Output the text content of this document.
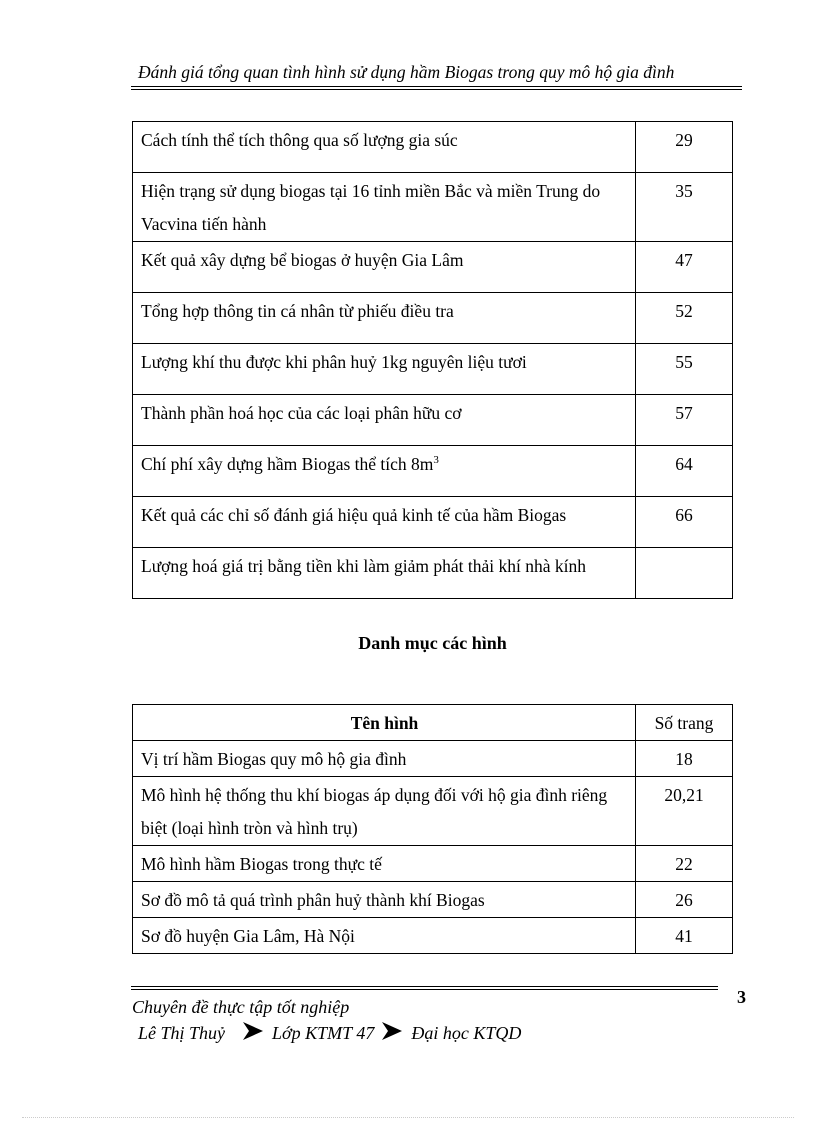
Đánh giá tổng quan tình hình sử dụng hầm Biogas trong quy mô hộ gia đình
Cách tính thể tích thông qua số lượng gia súc	29
Hiện trạng sử dụng biogas tại 16 tỉnh miền Bắc và miền Trung do Vacvina tiến hành	35
Kết quả xây dựng bể biogas ở huyện Gia Lâm	47
Tổng hợp thông tin cá nhân từ phiếu điều tra	52
Lượng khí thu được khi phân huỷ 1kg nguyên liệu tươi	55
Thành phần hoá học của các loại phân hữu cơ	57
Chí phí xây dựng hầm Biogas thể tích $8m^3$	64
Kết quả các chỉ số đánh giá hiệu quả kinh tế của hầm Biogas	66
Lượng hoá giá trị bằng tiền khi làm giảm phát thải khí nhà kính	
Danh mục các hình
Tên hình	Số trang
Vị trí hầm Biogas quy mô hộ gia đình	18
Mô hình hệ thống thu khí biogas áp dụng đối với hộ gia đình riêng biệt (loại hình tròn và hình trụ)	20,21
Mô hình hầm Biogas trong thực tế	22
Sơ đồ mô tả quá trình phân huỷ thành khí Biogas	26
Sơ đồ huyện Gia Lâm, Hà Nội	41
3
Chuyên đề thực tập tốt nghiệp
Lê Thị Thuỷ	Lớp KTMT 47 Đại học KTQD
